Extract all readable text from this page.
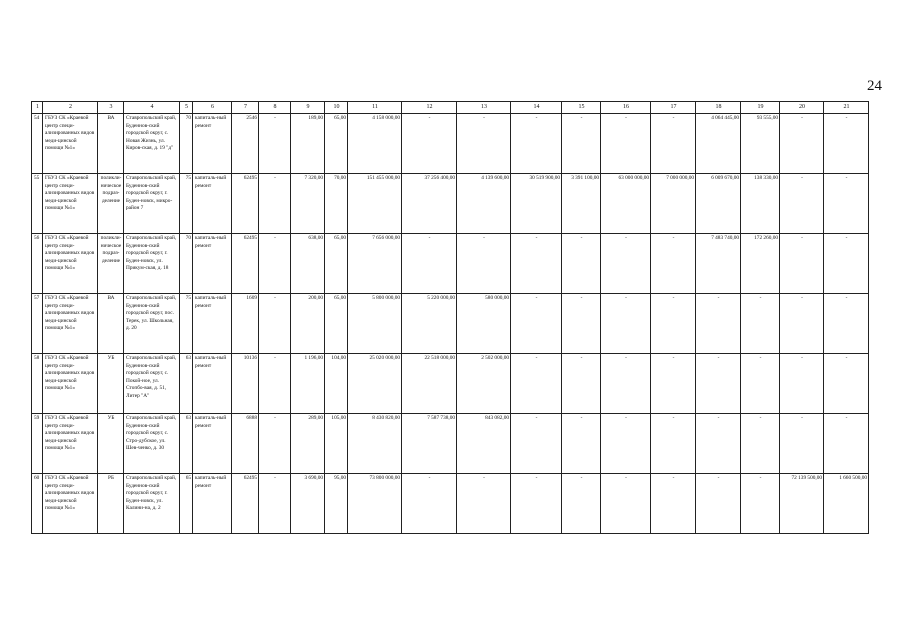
24
1	2	3	4	5	6	7	8	9	10	11	12	13	14	15	16	17	18	19	20	21
54	ГБУЗ СК «Краевой центр специ-ализированных видов меди-цинской помощи №1»	ВА	Ставропольский край, Буденнов-ский городской округ, с. Новая Жизнь, ул. Киров-ская, д. 19 "д"	70	капиталь-ный ремонт	2546	-	189,00	65,00	4 158 000,00	-	-	-	-	-	-	4 064 445,00	93 555,00	-	-
55	ГБУЗ СК «Краевой центр специ-ализированных видов меди-цинской помощи №1»	поликли-ническое подраз-деление	Ставропольский край, Буденнов-ский городской округ, г. Буден-новск, микро-район 7	75	капиталь-ный ремонт	62495	-	7 320,00	70,00	151 455 000,00	37 256 400,00	4 139 600,00	30 519 900,00	3 391 100,00	63 000 000,00	7 000 000,00	6 009 670,00	138 330,00	-	-
56	ГБУЗ СК «Краевой центр специ-ализированных видов меди-цинской помощи №1»	поликли-ническое подраз-деление	Ставропольский край, Буденнов-ский городской округ, г. Буден-новск, ул. Прикум-ская, д. 18	70	капиталь-ный ремонт	62495	-	638,00	65,00	7 656 000,00	-	-	-	-	-	-	7 483 740,00	172 260,00	-	-
57	ГБУЗ СК «Краевой центр специ-ализированных видов меди-цинской помощи №1»	ВА	Ставропольский край, Буденнов-ский городской округ, пос. Терек, ул. Школьная, д. 20	75	капиталь-ный ремонт	1609	-	200,00	65,00	5 800 000,00	5 220 000,00	580 000,00	-	-	-	-	-	-	-	-
58	ГБУЗ СК «Краевой центр специ-ализированных видов меди-цинской помощи №1»	УБ	Ставропольский край, Буденнов-ский городской округ, с. Покой-ное, ул. Стопбо-вая, д. 51, Литер "А"	63	капиталь-ный ремонт	10136	-	1 196,00	104,00	25 020 000,00	22 518 000,00	2 502 000,00	-	-	-	-	-	-	-	-
59	ГБУЗ СК «Краевой центр специ-ализированных видов меди-цинской помощи №1»	УБ	Ставропольский край, Буденнов-ский городской округ, с. Стро-дубское, ул. Шев-ченко, д. 30	63	капиталь-ный ремонт	6888	-	289,00	105,00	8 430 820,00	7 587 738,00	843 082,00	-	-	-	-	-	-	-	-
60	ГБУЗ СК «Краевой центр специ-ализированных видов меди-цинской помощи №1»	РБ	Ставропольский край, Буденнов-ский городской округ, г. Буден-новск, ул. Калини-на, д. 2	65	капиталь-ный ремонт	62495	-	3 690,00	95,00	73 800 000,00	-	-	-	-	-	-	-	-	72 139 500,00	1 660 500,00
